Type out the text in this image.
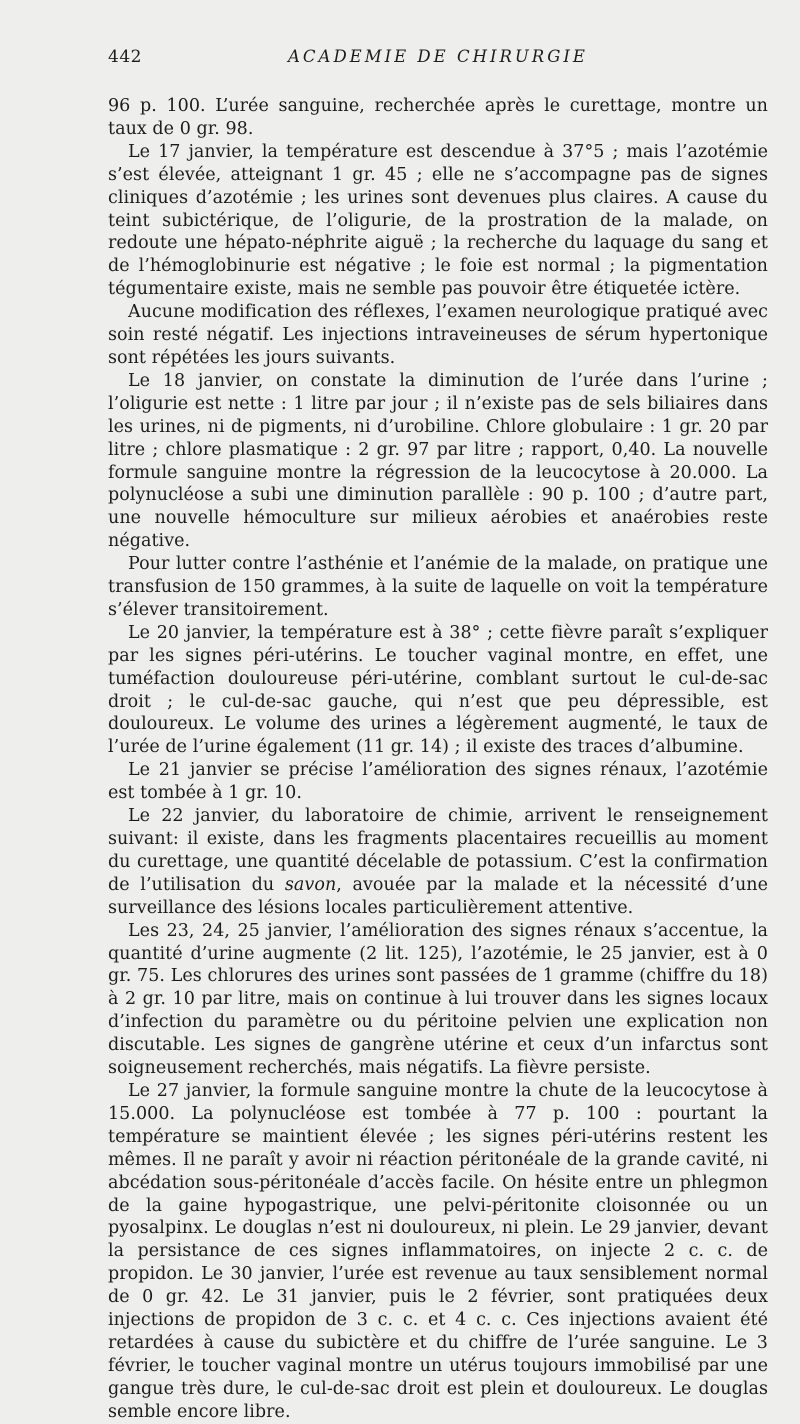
442	ACADEMIE DE CHIRURGIE

96 p. 100. L’urée sanguine, recherchée après le curettage, montre un taux de 0 gr. 98.

Le 17 janvier, la température est descendue à 37°5 ; mais l’azotémie s’est élevée, atteignant 1 gr. 45 ; elle ne s’accompagne pas de signes cliniques d’azotémie ; les urines sont devenues plus claires. A cause du teint subictérique, de l’oligurie, de la prostration de la malade, on redoute une hépato-néphrite aiguë ; la recherche du laquage du sang et de l’hémoglobinurie est négative ; le foie est normal ; la pigmentation tégumentaire existe, mais ne semble pas pouvoir être étiquetée ictère.

Aucune modification des réflexes, l’examen neurologique pratiqué avec soin resté négatif. Les injections intraveineuses de sérum hypertonique sont répétées les jours suivants.

Le 18 janvier, on constate la diminution de l’urée dans l’urine ; l’oligurie est nette : 1 litre par jour ; il n’existe pas de sels biliaires dans les urines, ni de pigments, ni d’urobiline. Chlore globulaire : 1 gr. 20 par litre ; chlore plasmatique : 2 gr. 97 par litre ; rapport, 0,40. La nouvelle formule sanguine montre la régression de la leucocytose à 20.000. La polynucléose a subi une diminution parallèle : 90 p. 100 ; d’autre part, une nouvelle hémoculture sur milieux aérobies et anaérobies reste négative.

Pour lutter contre l’asthénie et l’anémie de la malade, on pratique une transfusion de 150 grammes, à la suite de laquelle on voit la température s’élever transitoirement.

Le 20 janvier, la température est à 38° ; cette fièvre paraît s’expliquer par les signes péri-utérins. Le toucher vaginal montre, en effet, une tuméfaction douloureuse péri-utérine, comblant surtout le cul-de-sac droit ; le cul-de-sac gauche, qui n’est que peu dépressible, est douloureux. Le volume des urines a légèrement augmenté, le taux de l’urée de l’urine également (11 gr. 14) ; il existe des traces d’albumine.

Le 21 janvier se précise l’amélioration des signes rénaux, l’azotémie est tombée à 1 gr. 10.

Le 22 janvier, du laboratoire de chimie, arrivent le renseignement suivant: il existe, dans les fragments placentaires recueillis au moment du curettage, une quantité décelable de potassium. C’est la confirmation de l’utilisation du savon, avouée par la malade et la nécessité d’une surveillance des lésions locales particulièrement attentive.

Les 23, 24, 25 janvier, l’amélioration des signes rénaux s’accentue, la quantité d’urine augmente (2 lit. 125), l’azotémie, le 25 janvier, est à 0 gr. 75. Les chlorures des urines sont passées de 1 gramme (chiffre du 18) à 2 gr. 10 par litre, mais on continue à lui trouver dans les signes locaux d’infection du paramètre ou du péritoine pelvien une explication non discutable. Les signes de gangrène utérine et ceux d’un infarctus sont soigneusement recherchés, mais négatifs. La fièvre persiste.

Le 27 janvier, la formule sanguine montre la chute de la leucocytose à 15.000. La polynucléose est tombée à 77 p. 100 : pourtant la température se maintient élevée ; les signes péri-utérins restent les mêmes. Il ne paraît y avoir ni réaction péritonéale de la grande cavité, ni abcédation sous-péritonéale d’accès facile. On hésite entre un phlegmon de la gaine hypogastrique, une pelvi-péritonite cloisonnée ou un pyosalpinx. Le douglas n’est ni douloureux, ni plein. Le 29 janvier, devant la persistance de ces signes inflammatoires, on injecte 2 c. c. de propidon. Le 30 janvier, l’urée est revenue au taux sensiblement normal de 0 gr. 42. Le 31 janvier, puis le 2 février, sont pratiquées deux injections de propidon de 3 c. c. et 4 c. c. Ces injections avaient été retardées à cause du subictère et du chiffre de l’urée sanguine. Le 3 février, le toucher vaginal montre un utérus toujours immobilisé par une gangue très dure, le cul-de-sac droit est plein et douloureux. Le douglas semble encore libre.
